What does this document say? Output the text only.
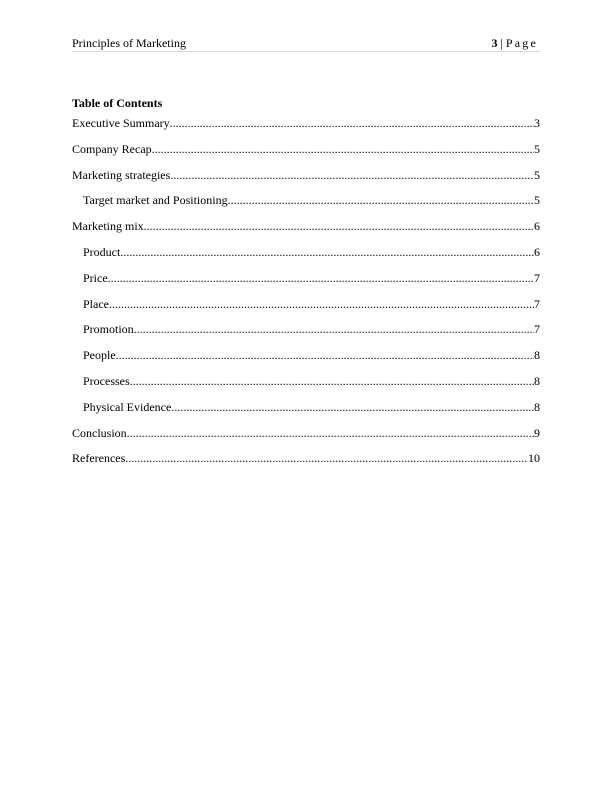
Principles of Marketing	3 | Page
Table of Contents
Executive Summary .....	3
Company Recap .....	5
Marketing strategies .....	5
Target market and Positioning .....	5
Marketing mix .....	6
Product .....	6
Price .....	7
Place .....	7
Promotion .....	7
People .....	8
Processes .....	8
Physical Evidence .....	8
Conclusion .....	9
References .....	10
